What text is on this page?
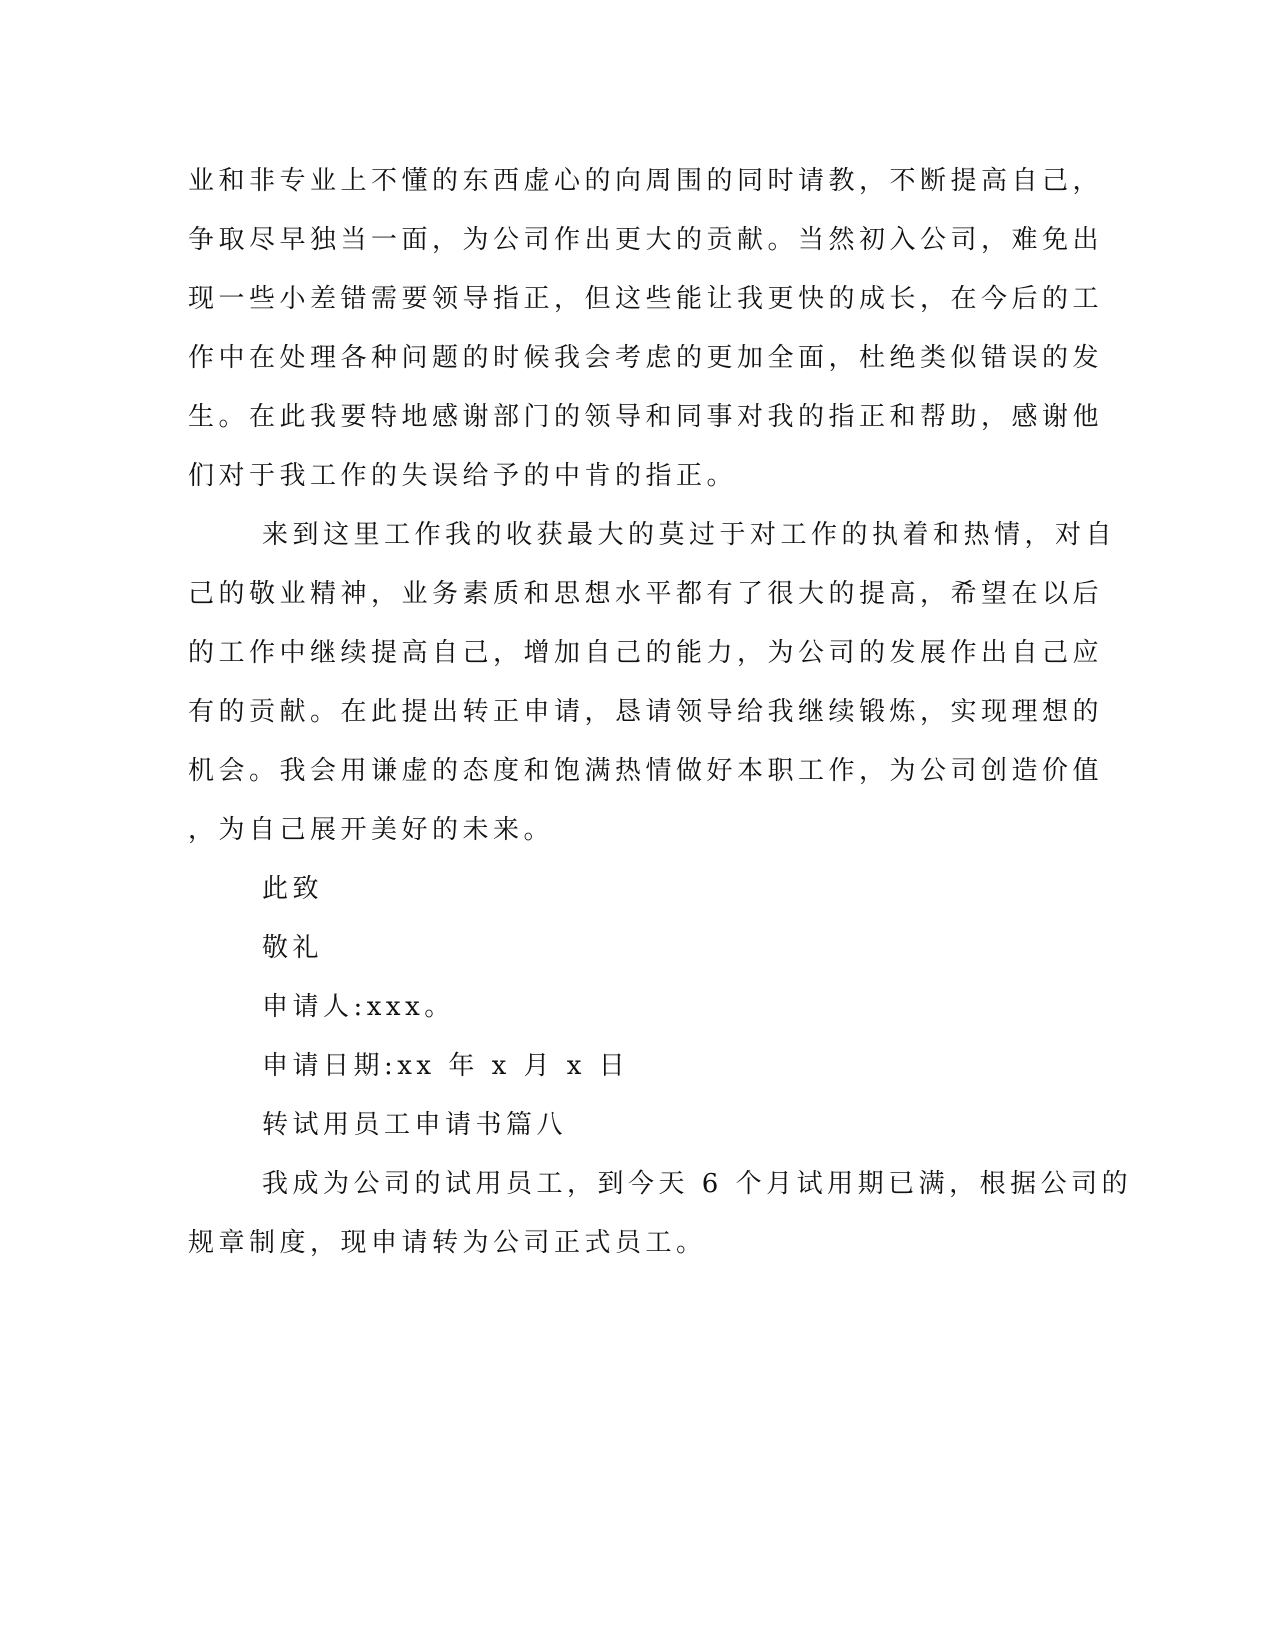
业和非专业上不懂的东西虚心的向周围的同时请教，不断提高自己，
争取尽早独当一面，为公司作出更大的贡献。当然初入公司，难免出
现一些小差错需要领导指正，但这些能让我更快的成长，在今后的工
作中在处理各种问题的时候我会考虑的更加全面，杜绝类似错误的发
生。在此我要特地感谢部门的领导和同事对我的指正和帮助，感谢他
们对于我工作的失误给予的中肯的指正。
来到这里工作我的收获最大的莫过于对工作的执着和热情，对自
己的敬业精神，业务素质和思想水平都有了很大的提高，希望在以后
的工作中继续提高自己，增加自己的能力，为公司的发展作出自己应
有的贡献。在此提出转正申请，恳请领导给我继续锻炼，实现理想的
机会。我会用谦虚的态度和饱满热情做好本职工作，为公司创造价值
，为自己展开美好的未来。
此致
敬礼
申请人:xxx。
申请日期:xx 年 x 月 x 日
转试用员工申请书篇八
我成为公司的试用员工，到今天 6 个月试用期已满，根据公司的
规章制度，现申请转为公司正式员工。
